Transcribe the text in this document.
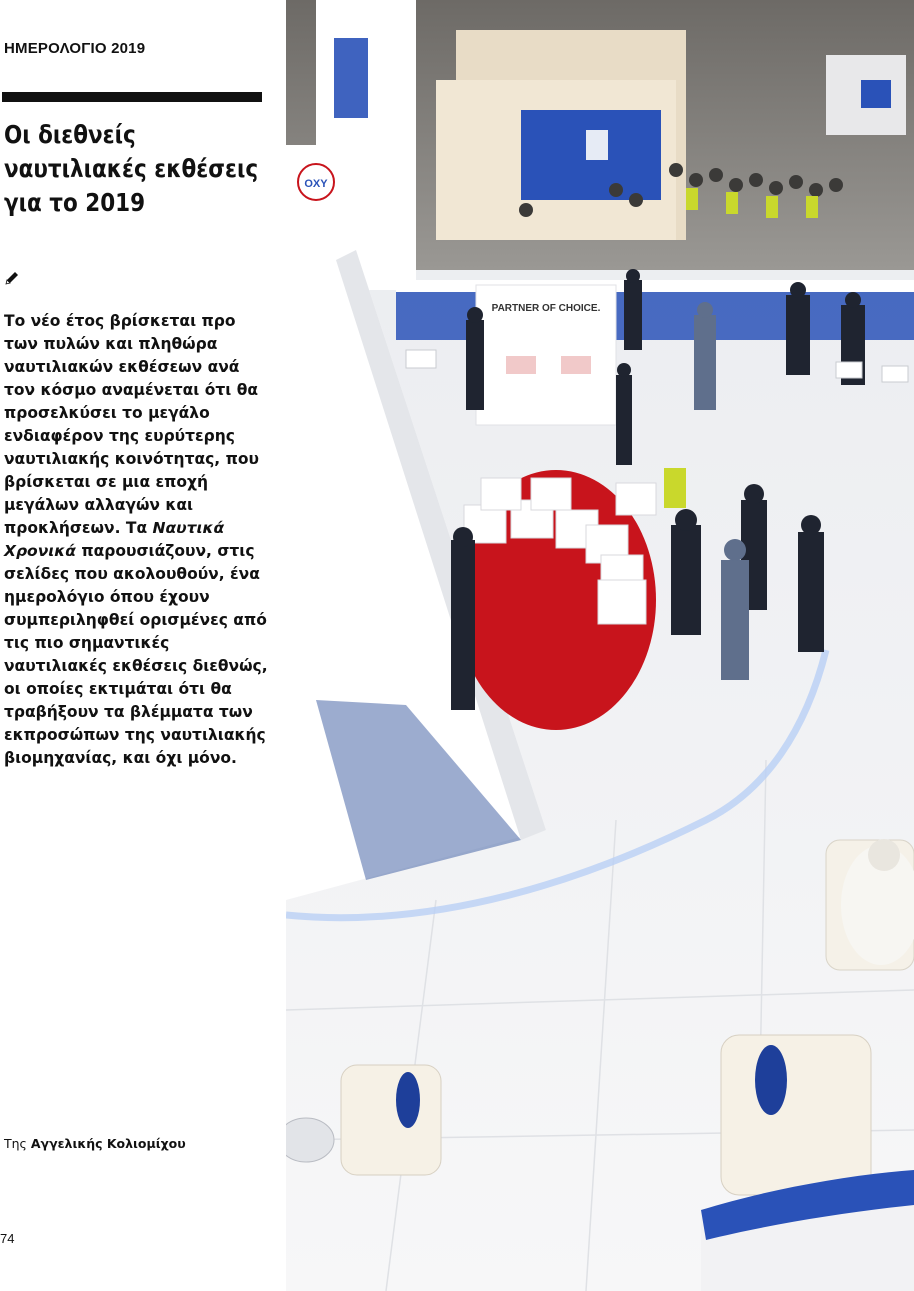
ΗΜΕΡΟΛΟΓΙΟ 2019
Οι διεθνείς ναυτιλιακές εκθέσεις για το 2019

Το νέο έτος βρίσκεται προ των πυλών και πληθώρα ναυτιλιακών εκθέσεων ανά τον κόσμο αναμένεται ότι θα προσελκύσει το μεγάλο ενδιαφέρον της ευρύτερης ναυτιλιακής κοινότητας, που βρίσκεται σε μια εποχή μεγάλων αλλαγών και προκλήσεων. Τα Ναυτικά Χρονικά παρουσιάζουν, στις σελίδες που ακολουθούν, ένα ημερολόγιο όπου έχουν συμπεριληφθεί ορισμένες από τις πιο σημαντικές ναυτιλιακές εκθέσεις διεθνώς, οι οποίες εκτιμάται ότι θα τραβήξουν τα βλέμματα των εκπροσώπων της ναυτιλιακής βιομηχανίας, και όχι μόνο.

Της Αγγελικής Κολιομίχου
74
OXY
PARTNER OF CHOICE.
